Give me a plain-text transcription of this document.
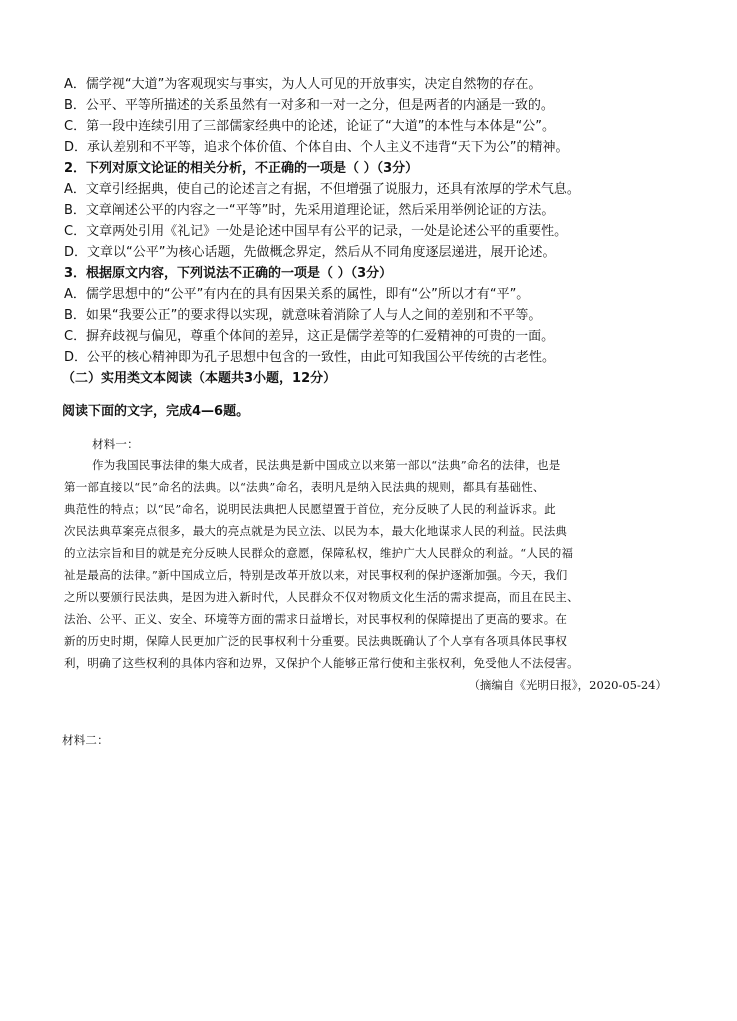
A．儒学视“大道”为客观现实与事实，为人人可见的开放事实，决定自然物的存在。
B．公平、平等所描述的关系虽然有一对多和一对一之分，但是两者的内涵是一致的。
C．第一段中连续引用了三部儒家经典中的论述，论证了“大道”的本性与本体是“公”。
D．承认差别和不平等，追求个体价值、个体自由、个人主义不违背“天下为公”的精神。
2．下列对原文论证的相关分析，不正确的一项是（ ）（3分）
A．文章引经据典，使自己的论述言之有据，不但增强了说服力，还具有浓厚的学术气息。
B．文章阐述公平的内容之一“平等”时，先采用道理论证，然后采用举例论证的方法。
C．文章两处引用《礼记》一处是论述中国早有公平的记录，一处是论述公平的重要性。
D．文章以“公平”为核心话题，先做概念界定，然后从不同角度逐层递进，展开论述。
3．根据原文内容，下列说法不正确的一项是（ ）（3分）
A．儒学思想中的“公平”有内在的具有因果关系的属性，即有“公”所以才有“平”。
B．如果“我要公正”的要求得以实现，就意味着消除了人与人之间的差别和不平等。
C．摒弃歧视与偏见，尊重个体间的差异，这正是儒学差等的仁爱精神的可贵的一面。
D．公平的核心精神即为孔子思想中包含的一致性，由此可知我国公平传统的古老性。
（二）实用类文本阅读（本题共3小题，12分）
阅读下面的文字，完成4—6题。
材料一：
作为我国民事法律的集大成者，民法典是新中国成立以来第一部以“法典”命名的法律，也是
第一部直接以“民”命名的法典。以“法典”命名，表明凡是纳入民法典的规则，都具有基础性、
典范性的特点；以“民”命名，说明民法典把人民愿望置于首位，充分反映了人民的利益诉求。此
次民法典草案亮点很多，最大的亮点就是为民立法、以民为本，最大化地谋求人民的利益。民法典
的立法宗旨和目的就是充分反映人民群众的意愿，保障私权，维护广大人民群众的利益。“人民的福
祉是最高的法律。”新中国成立后，特别是改革开放以来，对民事权利的保护逐渐加强。今天，我们
之所以要颁行民法典，是因为进入新时代，人民群众不仅对物质文化生活的需求提高，而且在民主、
法治、公平、正义、安全、环境等方面的需求日益增长，对民事权利的保障提出了更高的要求。在
新的历史时期，保障人民更加广泛的民事权利十分重要。民法典既确认了个人享有各项具体民事权
利，明确了这些权利的具体内容和边界，又保护个人能够正常行使和主张权利，免受他人不法侵害。
（摘编自《光明日报》，2020-05-24）
材料二：
